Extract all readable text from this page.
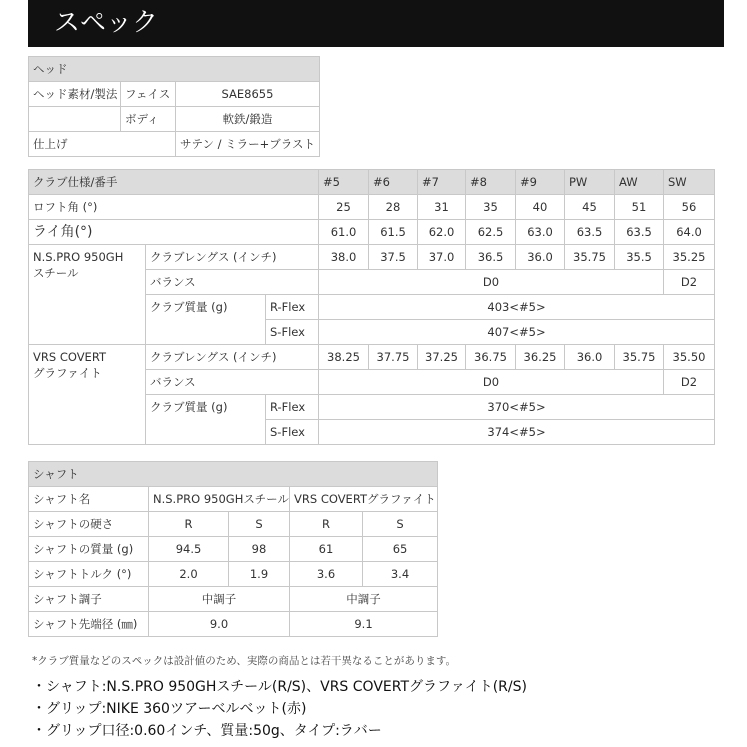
スペック
ヘッド		
ヘッド素材/製法	フェイス	SAE8655
	ボディ	軟鉄/鍛造
仕上げ		サテン / ミラー+ブラスト
クラブ仕様/番手			#5	#6	#7	#8	#9	PW	AW	SW
ロフト角 (°)			25	28	31	35	40	45	51	56
ライ角(°)			61.0	61.5	62.0	62.5	63.0	63.5	63.5	64.0

N.S.PRO 950GH
スチール	クラブレングス (インチ)		38.0	37.5	37.0	36.5	36.0	35.75	35.5	35.25
	バランス		D0							D2
	クラブ質量 (g)	R-Flex	403<#5>							
		S-Flex	407<#5>							

VRS COVERT
グラファイト	クラブレングス (インチ)		38.25	37.75	37.25	36.75	36.25	36.0	35.75	35.50
	バランス		D0							D2
	クラブ質量 (g)	R-Flex	370<#5>							
		S-Flex	374<#5>							
シャフト				
シャフト名	N.S.PRO 950GHスチール		VRS COVERTグラファイト	
シャフトの硬さ	R	S	R	S
シャフトの質量 (g)	94.5	98	61	65
シャフトトルク (°)	2.0	1.9	3.6	3.4
シャフト調子	中調子		中調子	
シャフト先端径 (㎜)	9.0		9.1	
*クラブ質量などのスペックは設計値のため、実際の商品とは若干異なることがあります。
・シャフト:N.S.PRO 950GHスチール(R/S)、VRS COVERTグラファイト(R/S)
・グリップ:NIKE 360ツアーベルベット(赤)
・グリップ口径:0.60インチ、質量:50g、タイプ:ラバー
